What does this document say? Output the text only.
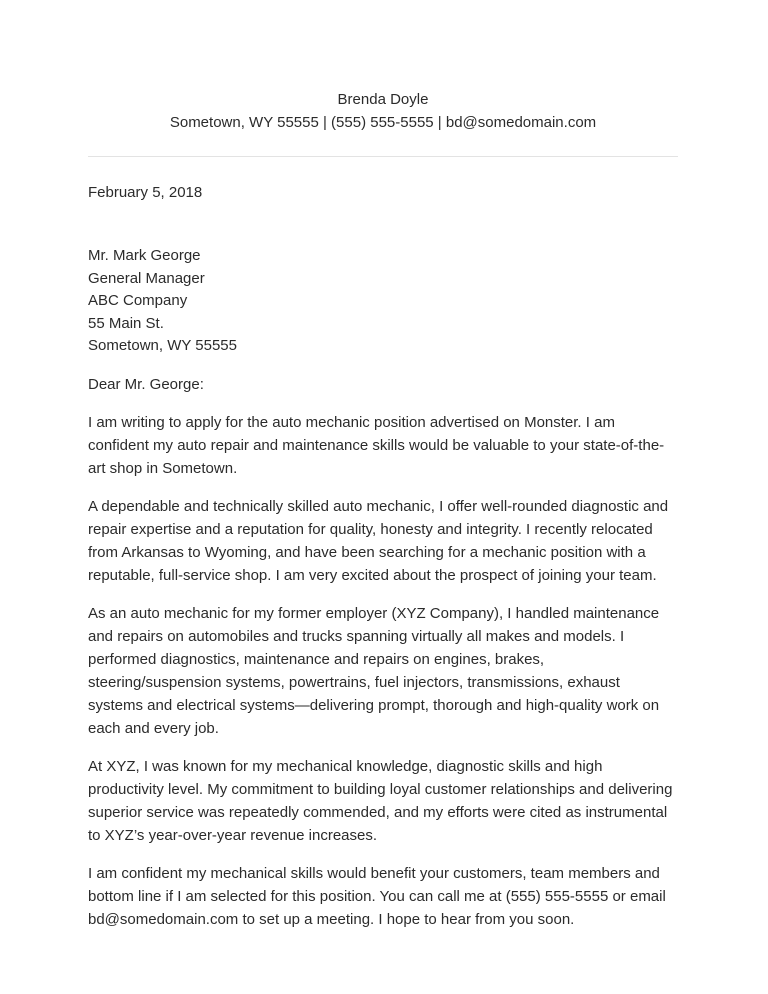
Brenda Doyle
Sometown, WY 55555 | (555) 555-5555 | bd@somedomain.com
February 5, 2018
Mr. Mark George
General Manager
ABC Company
55 Main St.
Sometown, WY 55555
Dear Mr. George:

I am writing to apply for the auto mechanic position advertised on Monster. I am confident my auto repair and maintenance skills would be valuable to your state-of-the-art shop in Sometown.

A dependable and technically skilled auto mechanic, I offer well-rounded diagnostic and repair expertise and a reputation for quality, honesty and integrity. I recently relocated from Arkansas to Wyoming, and have been searching for a mechanic position with a reputable, full-service shop. I am very excited about the prospect of joining your team.

As an auto mechanic for my former employer (XYZ Company), I handled maintenance and repairs on automobiles and trucks spanning virtually all makes and models. I performed diagnostics, maintenance and repairs on engines, brakes,
steering/suspension systems, powertrains, fuel injectors, transmissions, exhaust systems and electrical systems—delivering prompt, thorough and high-quality work on each and every job.

At XYZ, I was known for my mechanical knowledge, diagnostic skills and high productivity level. My commitment to building loyal customer relationships and delivering superior service was repeatedly commended, and my efforts were cited as instrumental to XYZ’s year-over-year revenue increases.

I am confident my mechanical skills would benefit your customers, team members and bottom line if I am selected for this position. You can call me at (555) 555-5555 or email bd@somedomain.com to set up a meeting. I hope to hear from you soon.
